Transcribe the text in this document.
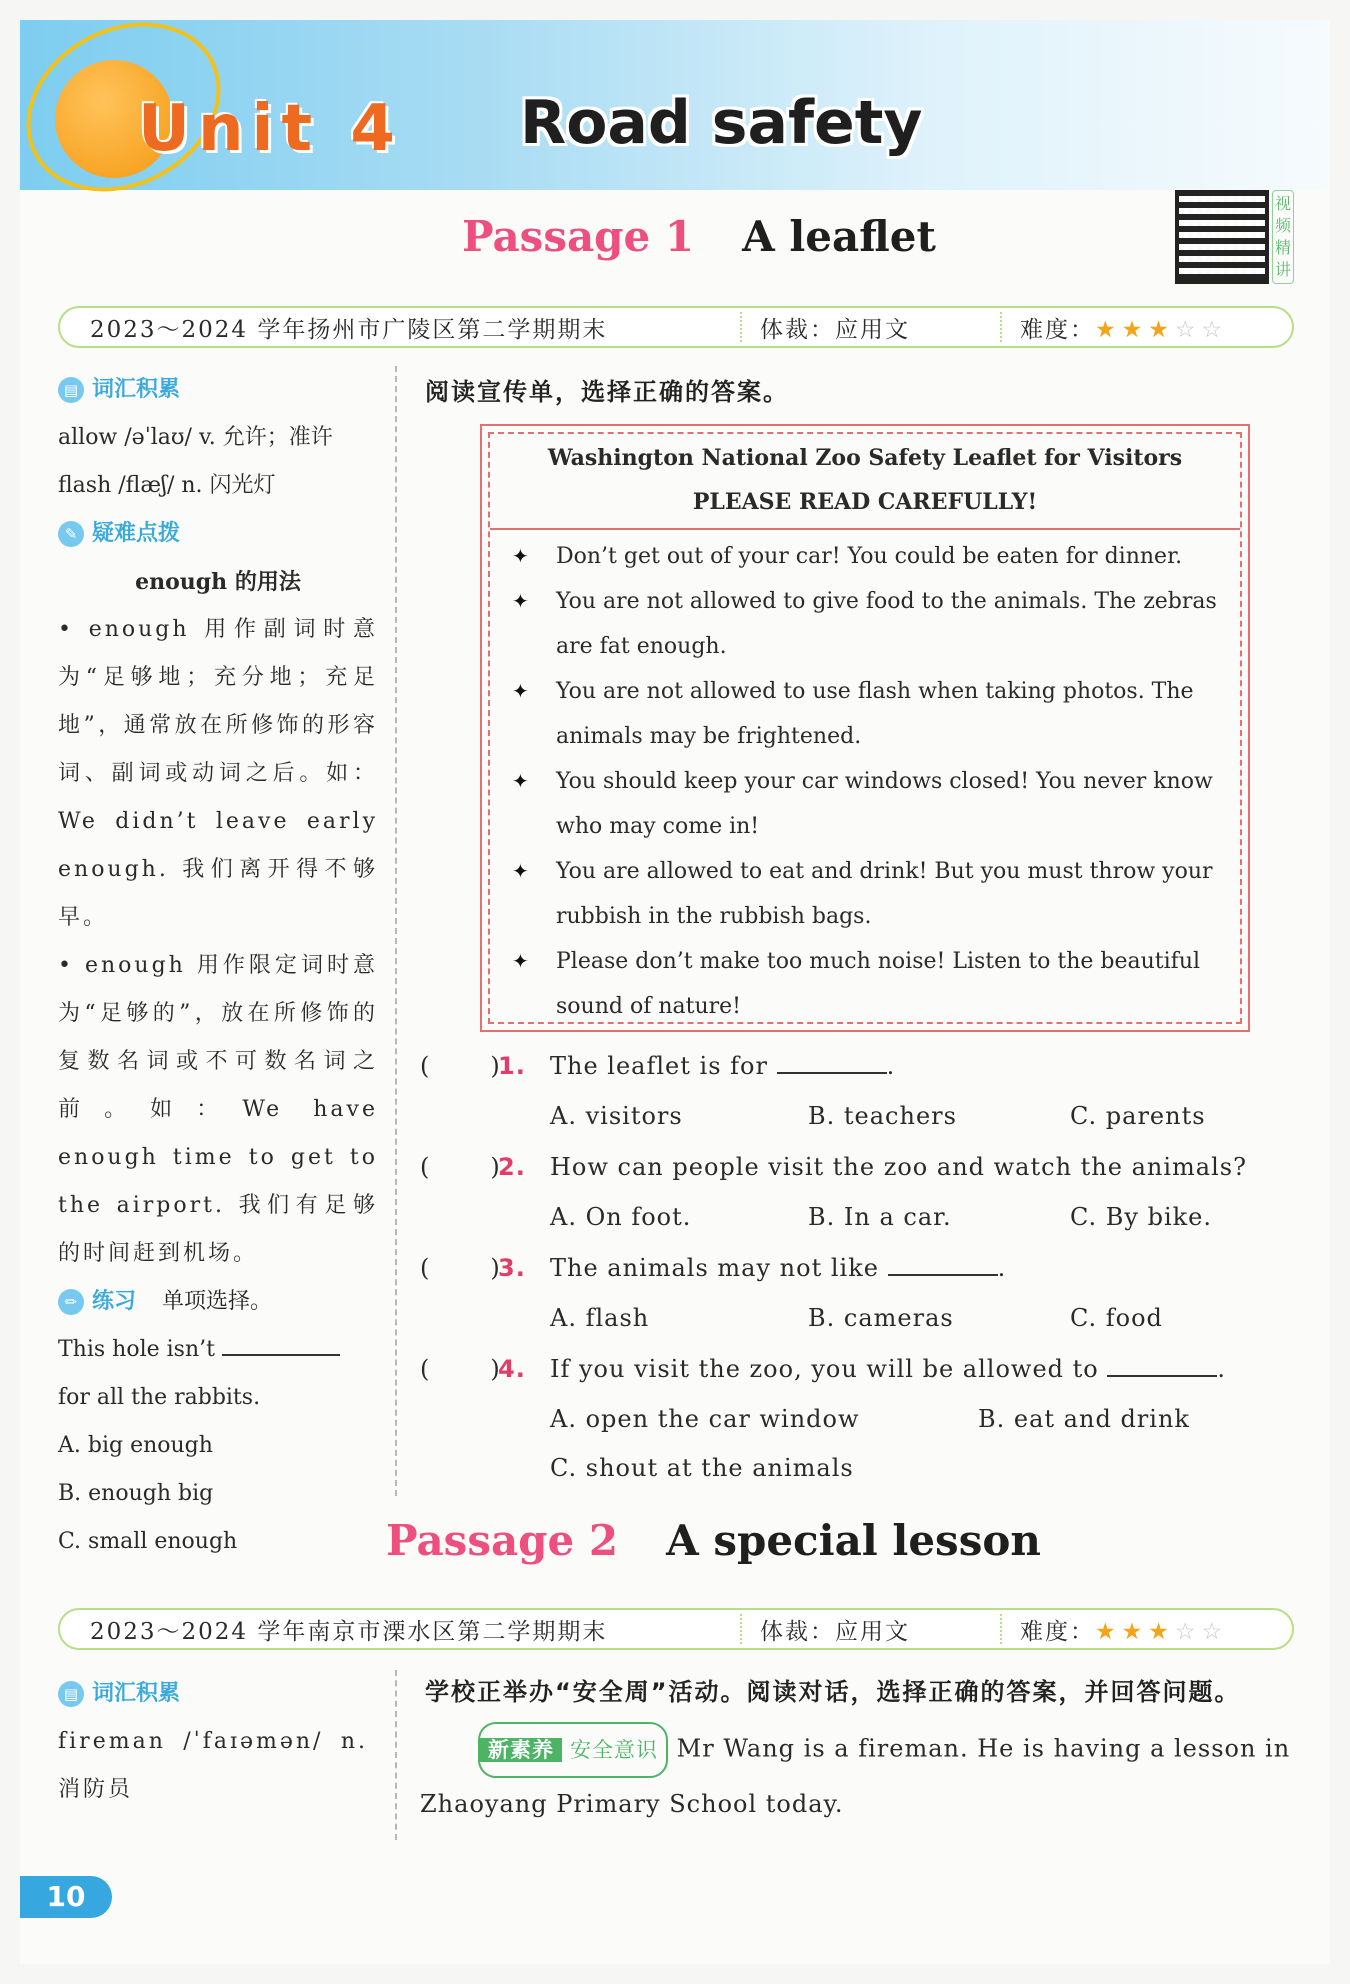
Unit 4 Road safety
Passage 1 A leaflet
视频精讲
2023～2024 学年扬州市广陵区第二学期期末	体裁：应用文	难度：★★★☆☆
▤ 词汇积累
allow /əˈlaʊ/ v. 允许；准许
flash /flæʃ/ n. 闪光灯
✎ 疑难点拨
enough 的用法
• enough 用作副词时意为“足够地；充分地；充足地”，通常放在所修饰的形容词、副词或动词之后。如：We didn’t leave early enough. 我们离开得不够早。
• enough 用作限定词时意为“足够的”，放在所修饰的复数名词或不可数名词之前。如：We have enough time to get to the airport. 我们有足够的时间赶到机场。
✏ 练习 单项选择。
This hole isn’t
for all the rabbits.
A. big enough
B. enough big
C. small enough
阅读宣传单，选择正确的答案。
Washington National Zoo Safety Leaflet for Visitors
PLEASE READ CAREFULLY!
✦ Don’t get out of your car! You could be eaten for dinner.
✦ You are not allowed to give food to the animals. The zebras are fat enough.
✦ You are not allowed to use flash when taking photos. The animals may be frightened.
✦ You should keep your car windows closed! You never know who may come in!
✦ You are allowed to eat and drink! But you must throw your rubbish in the rubbish bags.
✦ Please don’t make too much noise! Listen to the beautiful sound of nature!
(	)
1. The leaflet is for	.
A. visitors	B. teachers	C. parents
(	)
2. How can people visit the zoo and watch the animals?
A. On foot.	B. In a car.	C. By bike.
(	)
3. The animals may not like	.
A. flash	B. cameras	C. food
(	)
4. If you visit the zoo, you will be allowed to	.
A. open the car window	B. eat and drink
C. shout at the animals
Passage 2 A special lesson
2023～2024 学年南京市溧水区第二学期期末	体裁：应用文	难度：★★★☆☆
▤ 词汇积累
fireman /ˈfaɪəmən/ n. 消防员
学校正举办“安全周”活动。阅读对话，选择正确的答案，并回答问题。
新素养 安全意识 Mr Wang is a fireman. He is having a lesson in Zhaoyang Primary School today.
10
